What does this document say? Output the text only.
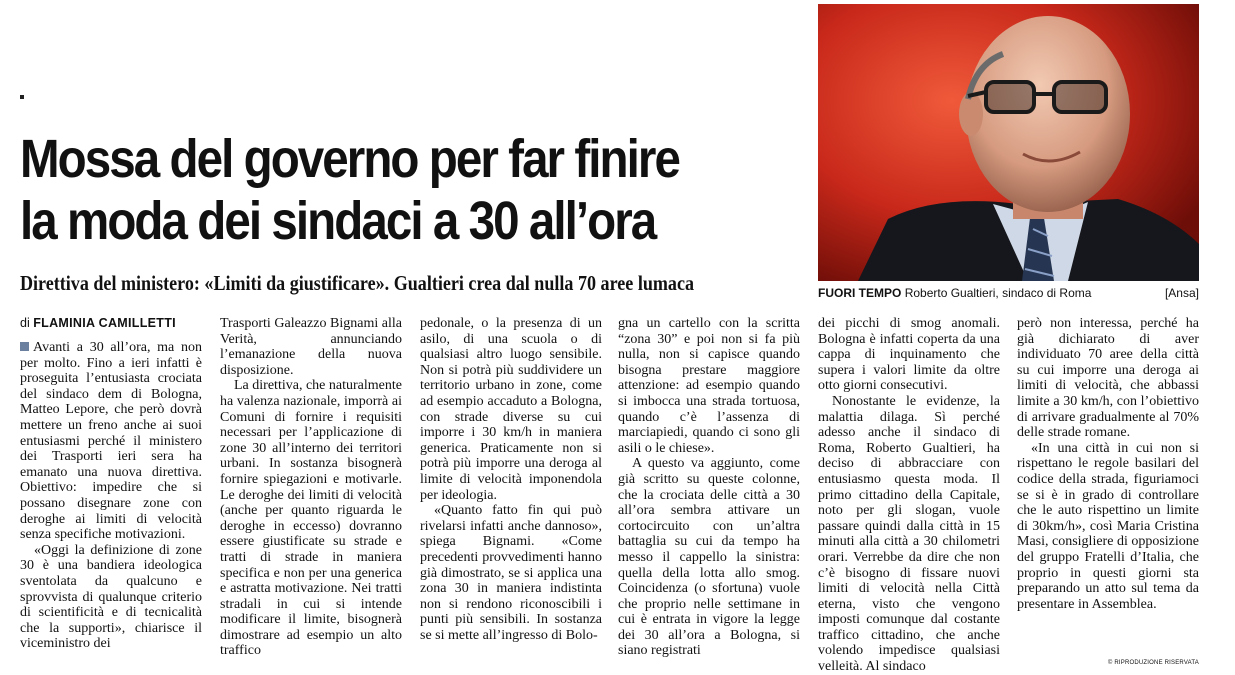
Mossa del governo per far finire
la moda dei sindaci a 30 all’ora
Direttiva del ministero: «Limiti da giustificare». Gualtieri crea dal nulla 70 aree lumaca	FUORI TEMPO Roberto Gualtieri, sindaco di Roma	[Ansa]
di FLAMINIA CAMILLETTI

Avanti a 30 all’ora, ma non per molto. Fino a ieri infatti è proseguita l’entusiasta crociata del sindaco dem di Bologna, Matteo Lepore, che però dovrà mettere un freno anche ai suoi entusiasmi perché il ministero dei Trasporti ieri sera ha emanato una nuova direttiva. Obiettivo: impedire che si possano disegnare zone con deroghe ai limiti di velocità senza specifiche motivazioni.

«Oggi la definizione di zone 30 è una bandiera ideologica sventolata da qualcuno e sprovvista di qualunque criterio di scientificità e di tecnicalità che la supporti», chiarisce il viceministro dei

Trasporti Galeazzo Bignami alla Verità, annunciando l’emanazione della nuova disposizione.

La direttiva, che naturalmente ha valenza nazionale, imporrà ai Comuni di fornire i requisiti necessari per l’applicazione di zone 30 all’interno dei territori urbani. In sostanza bisognerà fornire spiegazioni e motivarle. Le deroghe dei limiti di velocità (anche per quanto riguarda le deroghe in eccesso) dovranno essere giustificate su strade e tratti di strade in maniera specifica e non per una generica e astratta motivazione. Nei tratti stradali in cui si intende modificare il limite, bisognerà dimostrare ad esempio un alto traffico

pedonale, o la presenza di un asilo, di una scuola o di qualsiasi altro luogo sensibile. Non si potrà più suddividere un territorio urbano in zone, come ad esempio accaduto a Bologna, con strade diverse su cui imporre i 30 km/h in maniera generica. Praticamente non si potrà più imporre una deroga al limite di velocità imponendola per ideologia.

«Quanto fatto fin qui può rivelarsi infatti anche dannoso», spiega Bignami. «Come precedenti provvedimenti hanno già dimostrato, se si applica una zona 30 in maniera indistinta non si rendono riconoscibili i punti più sensibili. In sostanza se si mette all’ingresso di Bolo-

gna un cartello con la scritta “zona 30” e poi non si fa più nulla, non si capisce quando bisogna prestare maggiore attenzione: ad esempio quando si imbocca una strada tortuosa, quando c’è l’assenza di marciapiedi, quando ci sono gli asili o le chiese».

A questo va aggiunto, come già scritto su queste colonne, che la crociata delle città a 30 all’ora sembra attivare un cortocircuito con un’altra battaglia su cui da tempo ha messo il cappello la sinistra: quella della lotta allo smog. Coincidenza (o sfortuna) vuole che proprio nelle settimane in cui è entrata in vigore la legge dei 30 all’ora a Bologna, si siano registrati

dei picchi di smog anomali. Bologna è infatti coperta da una cappa di inquinamento che supera i valori limite da oltre otto giorni consecutivi.

Nonostante le evidenze, la malattia dilaga. Sì perché adesso anche il sindaco di Roma, Roberto Gualtieri, ha deciso di abbracciare con entusiasmo questa moda. Il primo cittadino della Capitale, noto per gli slogan, vuole passare quindi dalla città in 15 minuti alla città a 30 chilometri orari. Verrebbe da dire che non c’è bisogno di fissare nuovi limiti di velocità nella Città eterna, visto che vengono imposti comunque dal costante traffico cittadino, che anche volendo impedisce qualsiasi velleità. Al sindaco

però non interessa, perché ha già dichiarato di aver individuato 70 aree della città su cui imporre una deroga ai limiti di velocità, che abbassi limite a 30 km/h, con l’obiettivo di arrivare gradualmente al 70% delle strade romane.

«In una città in cui non si rispettano le regole basilari del codice della strada, figuriamoci se si è in grado di controllare che le auto rispettino un limite di 30km/h», così Maria Cristina Masi, consigliere di opposizione del gruppo Fratelli d’Italia, che proprio in questi giorni sta preparando un atto sul tema da presentare in Assemblea.

© RIPRODUZIONE RISERVATA
